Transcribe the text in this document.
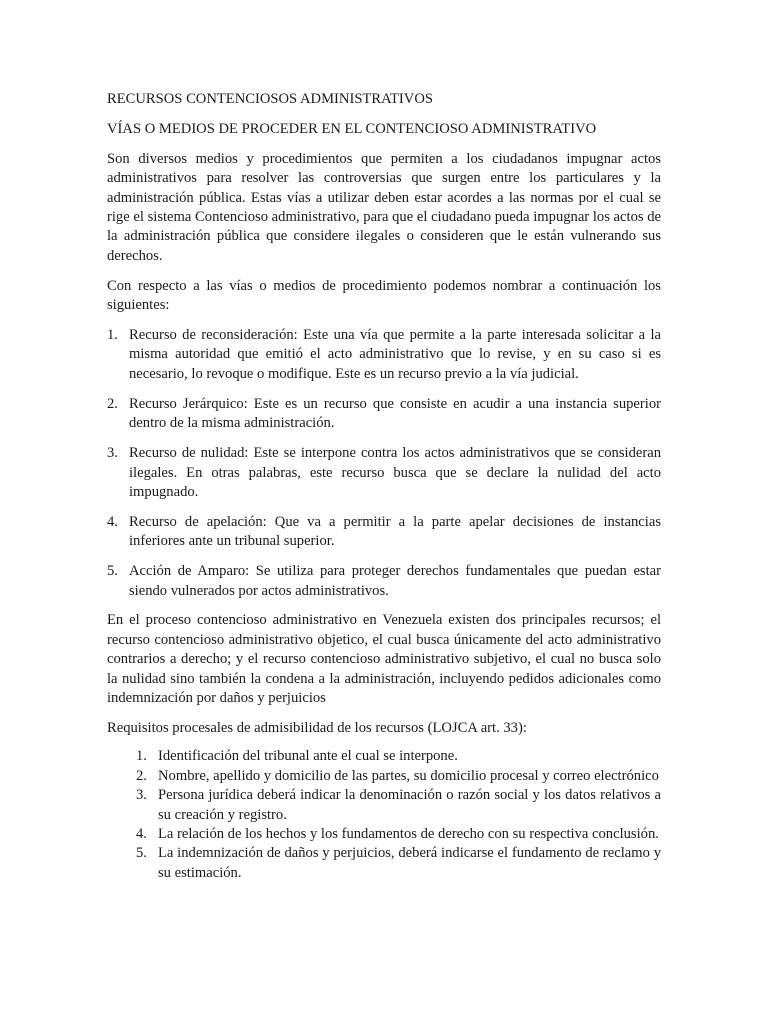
RECURSOS CONTENCIOSOS ADMINISTRATIVOS

VÍAS O MEDIOS DE PROCEDER EN EL CONTENCIOSO ADMINISTRATIVO

Son diversos medios y procedimientos que permiten a los ciudadanos impugnar actos administrativos para resolver las controversias que surgen entre los particulares y la administración pública. Estas vías a utilizar deben estar acordes a las normas por el cual se rige el sistema Contencioso administrativo, para que el ciudadano pueda impugnar los actos de la administración pública que considere ilegales o consideren que le están vulnerando sus derechos.

Con respecto a las vías o medios de procedimiento podemos nombrar a continuación los siguientes:

1. Recurso de reconsideración: Este una vía que permite a la parte interesada solicitar a la misma autoridad que emitió el acto administrativo que lo revise, y en su caso si es necesario, lo revoque o modifique. Este es un recurso previo a la vía judicial.
2. Recurso Jerárquico: Este es un recurso que consiste en acudir a una instancia superior dentro de la misma administración.
3. Recurso de nulidad: Este se interpone contra los actos administrativos que se consideran ilegales. En otras palabras, este recurso busca que se declare la nulidad del acto impugnado.
4. Recurso de apelación: Que va a permitir a la parte apelar decisiones de instancias inferiores ante un tribunal superior.
5. Acción de Amparo: Se utiliza para proteger derechos fundamentales que puedan estar siendo vulnerados por actos administrativos.

En el proceso contencioso administrativo en Venezuela existen dos principales recursos; el recurso contencioso administrativo objetico, el cual busca únicamente del acto administrativo contrarios a derecho; y el recurso contencioso administrativo subjetivo, el cual no busca solo la nulidad sino también la condena a la administración, incluyendo pedidos adicionales como indemnización por daños y perjuicios

Requisitos procesales de admisibilidad de los recursos (LOJCA art. 33):

1. Identificación del tribunal ante el cual se interpone.
2. Nombre, apellido y domicilio de las partes, su domicilio procesal y correo electrónico
3. Persona jurídica deberá indicar la denominación o razón social y los datos relativos a su creación y registro.
4. La relación de los hechos y los fundamentos de derecho con su respectiva conclusión.
5. La indemnización de daños y perjuicios, deberá indicarse el fundamento de reclamo y su estimación.
